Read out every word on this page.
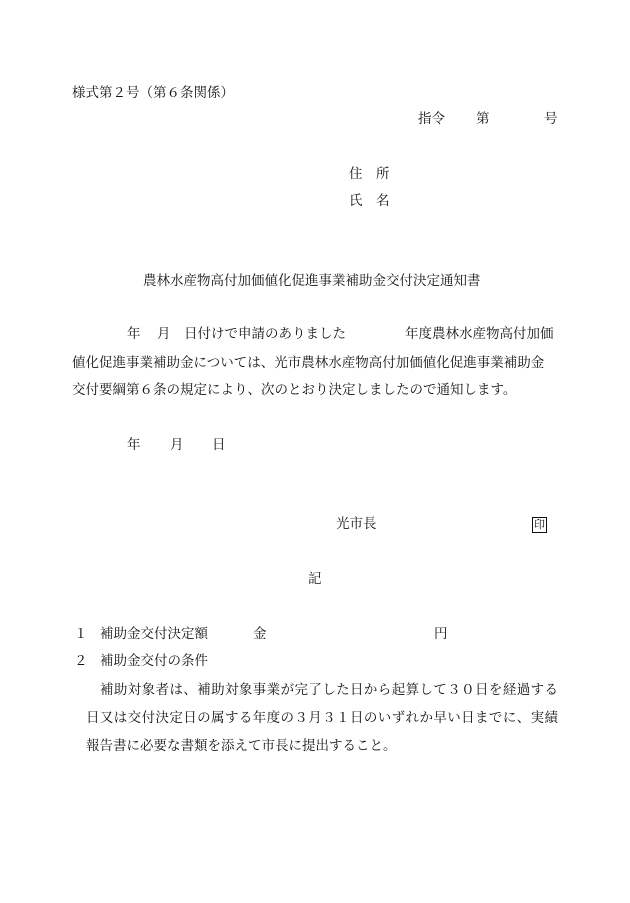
様式第２号（第６条関係）
指令 第	号
住　所
氏　名
農林水産物高付加価値化促進事業補助金交付決定通知書
年 月 日付けで申請のありました	年度農林水産物高付加価
値化促進事業補助金については、光市農林水産物高付加価値化促進事業補助金
交付要綱第６条の規定により、次のとおり決定しましたので通知します。
年 月 日
光市長	印
記
１ 補助金交付決定額	金	円
２ 補助金交付の条件
補助対象者は、補助対象事業が完了した日から起算して３０日を経過する日又は交付決定日の属する年度の３月３１日のいずれか早い日までに、実績報告書に必要な書類を添えて市長に提出すること。
